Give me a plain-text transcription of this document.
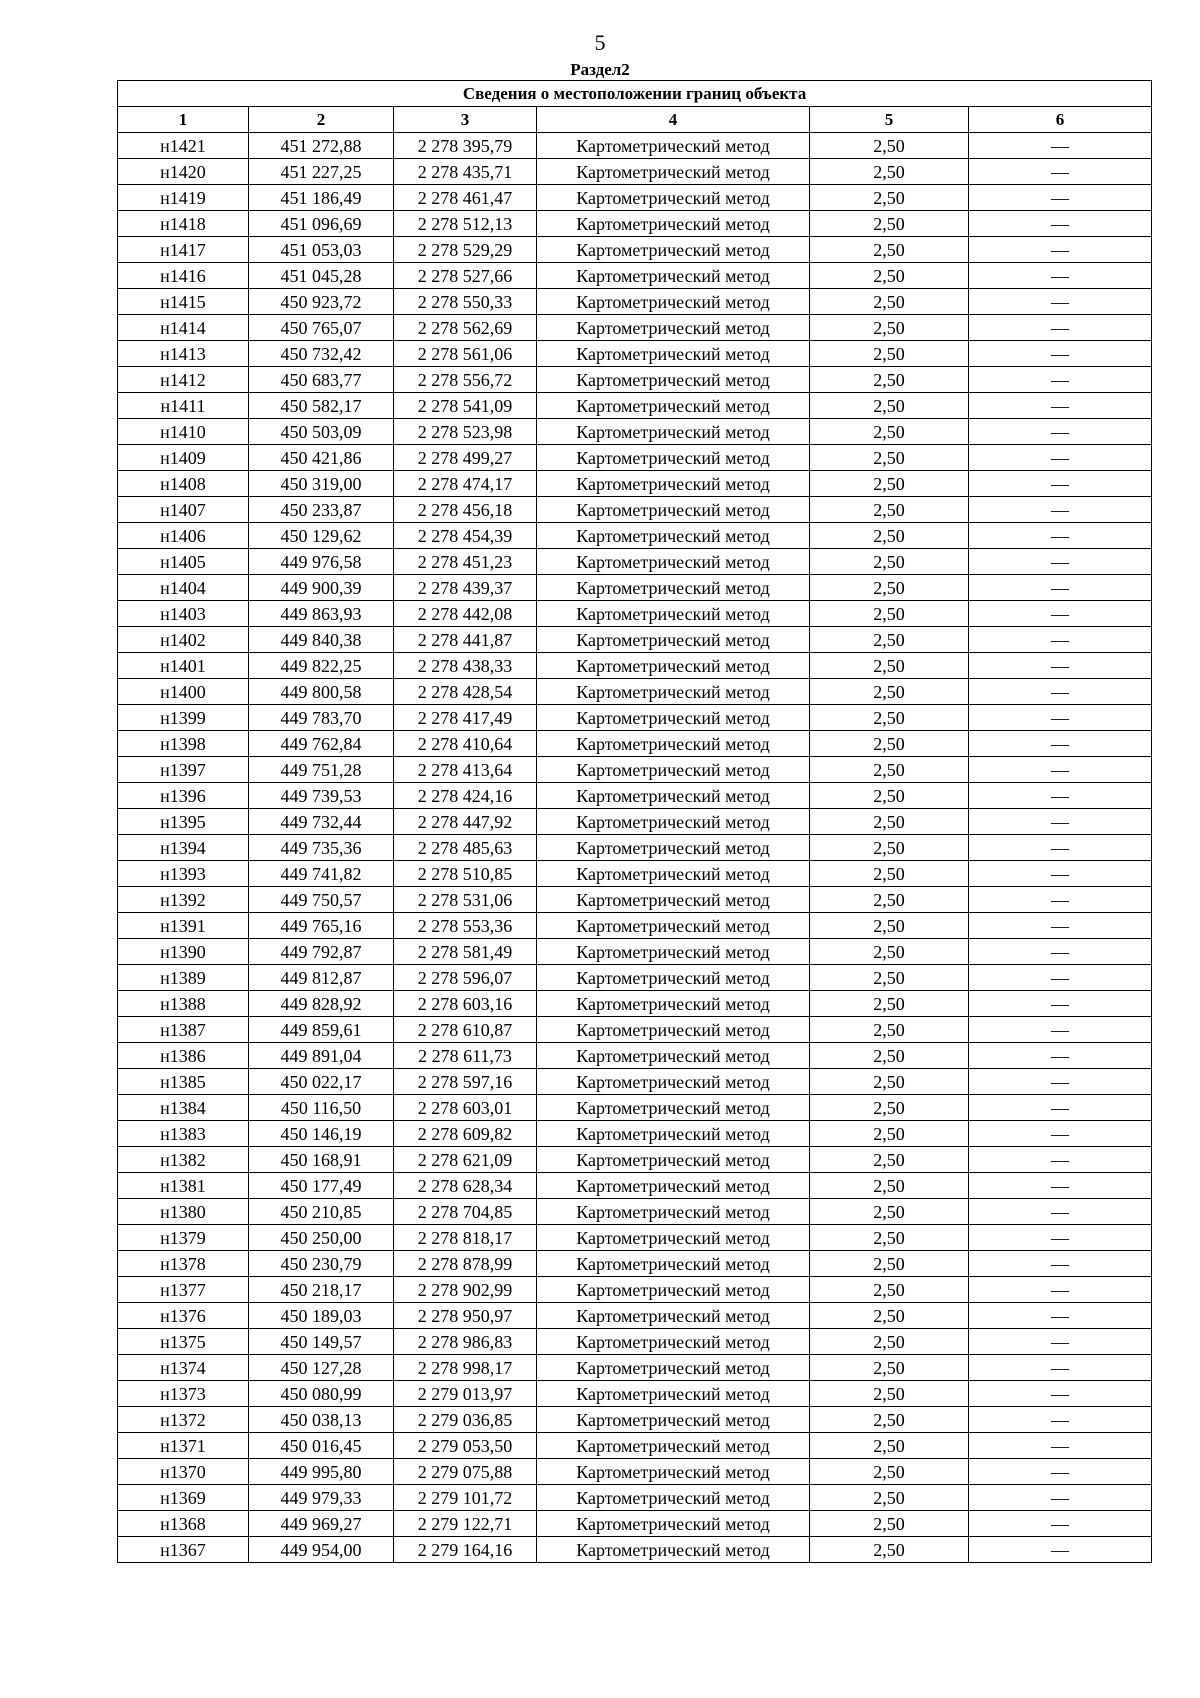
5
Раздел2
Сведения о местоположении границ объекта					
1	2	3	4	5	6
н1421	451 272,88	2 278 395,79	Картометрический метод	2,50	—
н1420	451 227,25	2 278 435,71	Картометрический метод	2,50	—
н1419	451 186,49	2 278 461,47	Картометрический метод	2,50	—
н1418	451 096,69	2 278 512,13	Картометрический метод	2,50	—
н1417	451 053,03	2 278 529,29	Картометрический метод	2,50	—
н1416	451 045,28	2 278 527,66	Картометрический метод	2,50	—
н1415	450 923,72	2 278 550,33	Картометрический метод	2,50	—
н1414	450 765,07	2 278 562,69	Картометрический метод	2,50	—
н1413	450 732,42	2 278 561,06	Картометрический метод	2,50	—
н1412	450 683,77	2 278 556,72	Картометрический метод	2,50	—
н1411	450 582,17	2 278 541,09	Картометрический метод	2,50	—
н1410	450 503,09	2 278 523,98	Картометрический метод	2,50	—
н1409	450 421,86	2 278 499,27	Картометрический метод	2,50	—
н1408	450 319,00	2 278 474,17	Картометрический метод	2,50	—
н1407	450 233,87	2 278 456,18	Картометрический метод	2,50	—
н1406	450 129,62	2 278 454,39	Картометрический метод	2,50	—
н1405	449 976,58	2 278 451,23	Картометрический метод	2,50	—
н1404	449 900,39	2 278 439,37	Картометрический метод	2,50	—
н1403	449 863,93	2 278 442,08	Картометрический метод	2,50	—
н1402	449 840,38	2 278 441,87	Картометрический метод	2,50	—
н1401	449 822,25	2 278 438,33	Картометрический метод	2,50	—
н1400	449 800,58	2 278 428,54	Картометрический метод	2,50	—
н1399	449 783,70	2 278 417,49	Картометрический метод	2,50	—
н1398	449 762,84	2 278 410,64	Картометрический метод	2,50	—
н1397	449 751,28	2 278 413,64	Картометрический метод	2,50	—
н1396	449 739,53	2 278 424,16	Картометрический метод	2,50	—
н1395	449 732,44	2 278 447,92	Картометрический метод	2,50	—
н1394	449 735,36	2 278 485,63	Картометрический метод	2,50	—
н1393	449 741,82	2 278 510,85	Картометрический метод	2,50	—
н1392	449 750,57	2 278 531,06	Картометрический метод	2,50	—
н1391	449 765,16	2 278 553,36	Картометрический метод	2,50	—
н1390	449 792,87	2 278 581,49	Картометрический метод	2,50	—
н1389	449 812,87	2 278 596,07	Картометрический метод	2,50	—
н1388	449 828,92	2 278 603,16	Картометрический метод	2,50	—
н1387	449 859,61	2 278 610,87	Картометрический метод	2,50	—
н1386	449 891,04	2 278 611,73	Картометрический метод	2,50	—
н1385	450 022,17	2 278 597,16	Картометрический метод	2,50	—
н1384	450 116,50	2 278 603,01	Картометрический метод	2,50	—
н1383	450 146,19	2 278 609,82	Картометрический метод	2,50	—
н1382	450 168,91	2 278 621,09	Картометрический метод	2,50	—
н1381	450 177,49	2 278 628,34	Картометрический метод	2,50	—
н1380	450 210,85	2 278 704,85	Картометрический метод	2,50	—
н1379	450 250,00	2 278 818,17	Картометрический метод	2,50	—
н1378	450 230,79	2 278 878,99	Картометрический метод	2,50	—
н1377	450 218,17	2 278 902,99	Картометрический метод	2,50	—
н1376	450 189,03	2 278 950,97	Картометрический метод	2,50	—
н1375	450 149,57	2 278 986,83	Картометрический метод	2,50	—
н1374	450 127,28	2 278 998,17	Картометрический метод	2,50	—
н1373	450 080,99	2 279 013,97	Картометрический метод	2,50	—
н1372	450 038,13	2 279 036,85	Картометрический метод	2,50	—
н1371	450 016,45	2 279 053,50	Картометрический метод	2,50	—
н1370	449 995,80	2 279 075,88	Картометрический метод	2,50	—
н1369	449 979,33	2 279 101,72	Картометрический метод	2,50	—
н1368	449 969,27	2 279 122,71	Картометрический метод	2,50	—
н1367	449 954,00	2 279 164,16	Картометрический метод	2,50	—
